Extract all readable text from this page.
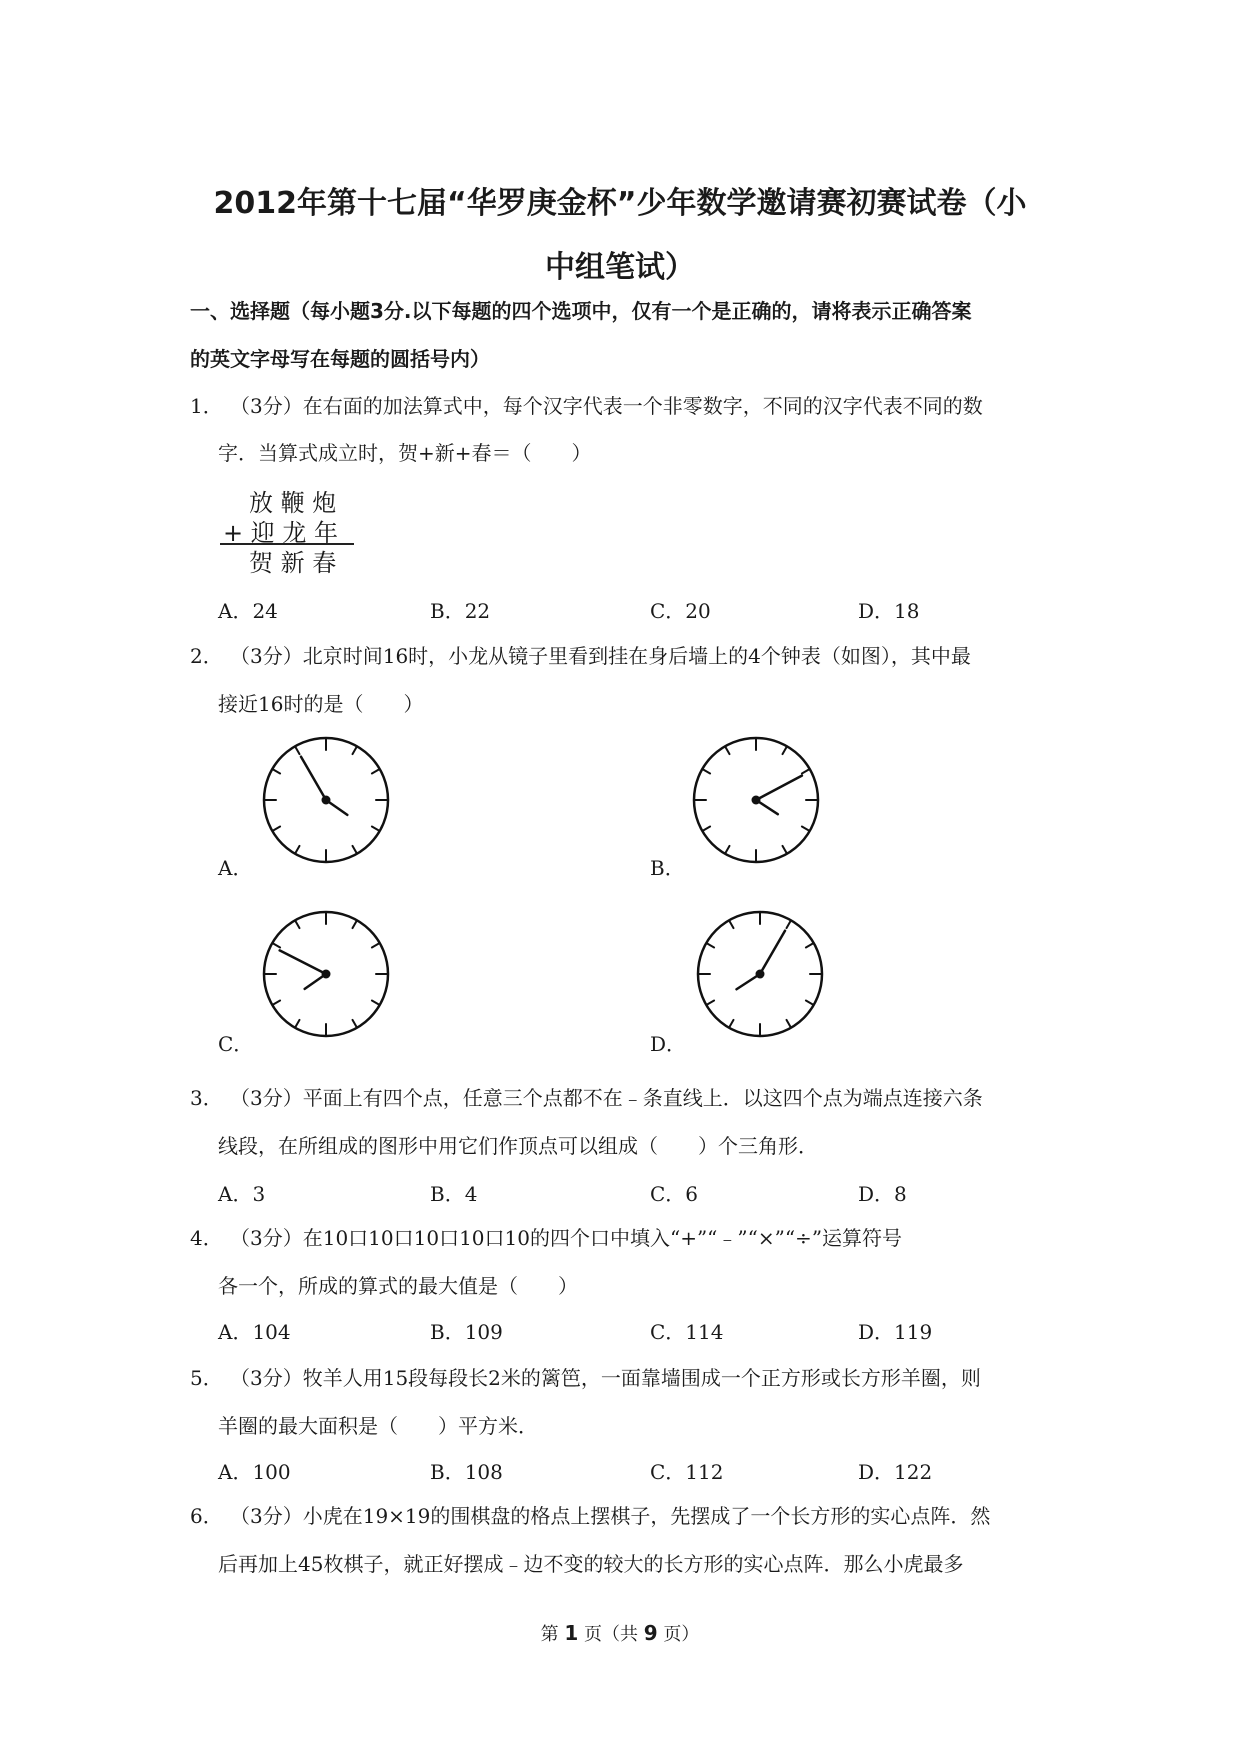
2012年第十七届“华罗庚金杯”少年数学邀请赛初赛试卷（小
中组笔试）
一、选择题（每小题3分.以下每题的四个选项中，仅有一个是正确的，请将表示正确答案
的英文字母写在每题的圆括号内）
1． （3分）在右面的加法算式中，每个汉字代表一个非零数字，不同的汉字代表不同的数
字．当算式成立时，贺+新+春＝（　　）
放 鞭 炮
+ 迎 龙 年
贺 新 春
A．24	B．22	C．20	D．18
2． （3分）北京时间16时，小龙从镜子里看到挂在身后墙上的4个钟表（如图），其中最
接近16时的是（　　）
A．	B．
C．	D．
3． （3分）平面上有四个点，任意三个点都不在﹣条直线上．以这四个点为端点连接六条
线段，在所组成的图形中用它们作顶点可以组成（　　）个三角形．
A．3	B．4	C．6	D．8
4． （3分）在10口10口10口10口10的四个口中填入“+”“﹣”“×”“÷”运算符号
各一个，所成的算式的最大值是（　　）
A．104	B．109	C．114	D．119
5． （3分）牧羊人用15段每段长2米的篱笆，一面靠墙围成一个正方形或长方形羊圈，则
羊圈的最大面积是（　　）平方米．
A．100	B．108	C．112	D．122
6． （3分）小虎在19×19的围棋盘的格点上摆棋子，先摆成了一个长方形的实心点阵．然
后再加上45枚棋子，就正好摆成﹣边不变的较大的长方形的实心点阵．那么小虎最多
第 1 页（共 9 页）
